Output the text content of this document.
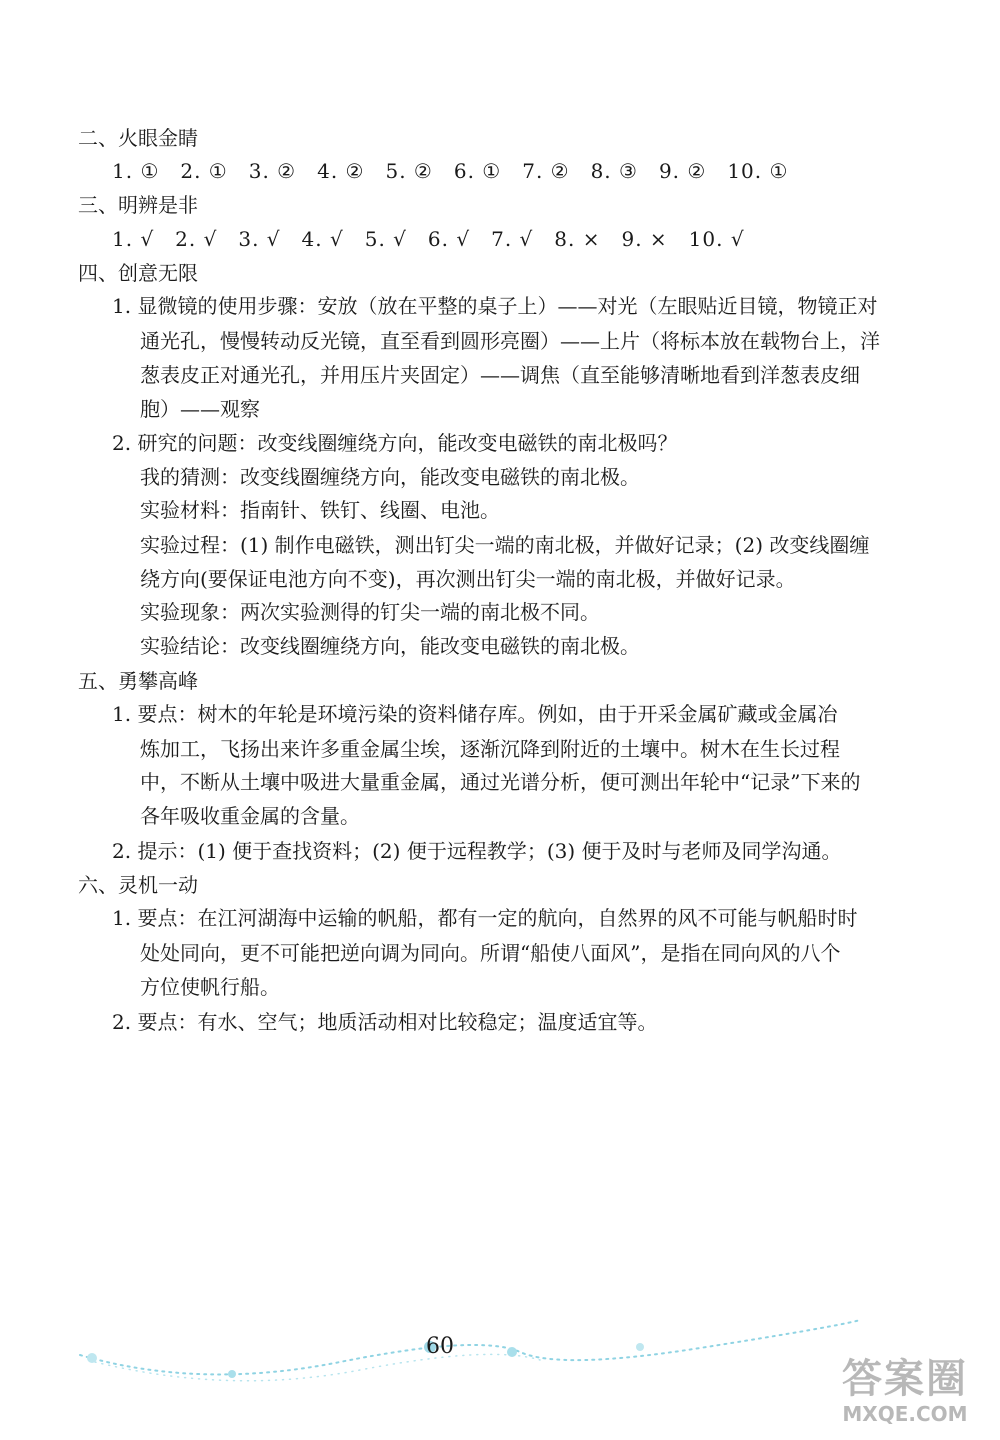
二、火眼金睛
1. ①　2. ①　3. ②　4. ②　5. ②　6. ①　7. ②　8. ③　9. ②　10. ①
三、明辨是非
1. √　2. √　3. √　4. √　5. √　6. √　7. √　8. ×　9. ×　10. √
四、创意无限
1. 显微镜的使用步骤：安放（放在平整的桌子上）——对光（左眼贴近目镜，物镜正对
通光孔，慢慢转动反光镜，直至看到圆形亮圈）——上片（将标本放在载物台上，洋
葱表皮正对通光孔，并用压片夹固定）——调焦（直至能够清晰地看到洋葱表皮细
胞）——观察
2. 研究的问题：改变线圈缠绕方向，能改变电磁铁的南北极吗？
我的猜测：改变线圈缠绕方向，能改变电磁铁的南北极。
实验材料：指南针、铁钉、线圈、电池。
实验过程：(1) 制作电磁铁，测出钉尖一端的南北极，并做好记录；(2) 改变线圈缠
绕方向(要保证电池方向不变)，再次测出钉尖一端的南北极，并做好记录。
实验现象：两次实验测得的钉尖一端的南北极不同。
实验结论：改变线圈缠绕方向，能改变电磁铁的南北极。
五、勇攀高峰
1. 要点：树木的年轮是环境污染的资料储存库。例如，由于开采金属矿藏或金属冶
炼加工，飞扬出来许多重金属尘埃，逐渐沉降到附近的土壤中。树木在生长过程
中，不断从土壤中吸进大量重金属，通过光谱分析，便可测出年轮中“记录”下来的
各年吸收重金属的含量。
2. 提示：(1) 便于查找资料；(2) 便于远程教学；(3) 便于及时与老师及同学沟通。
六、灵机一动
1. 要点：在江河湖海中运输的帆船，都有一定的航向，自然界的风不可能与帆船时时
处处同向，更不可能把逆向调为同向。所谓“船使八面风”，是指在同向风的八个
方位使帆行船。
2. 要点：有水、空气；地质活动相对比较稳定；温度适宜等。
60
答案圈
MXQE.COM
